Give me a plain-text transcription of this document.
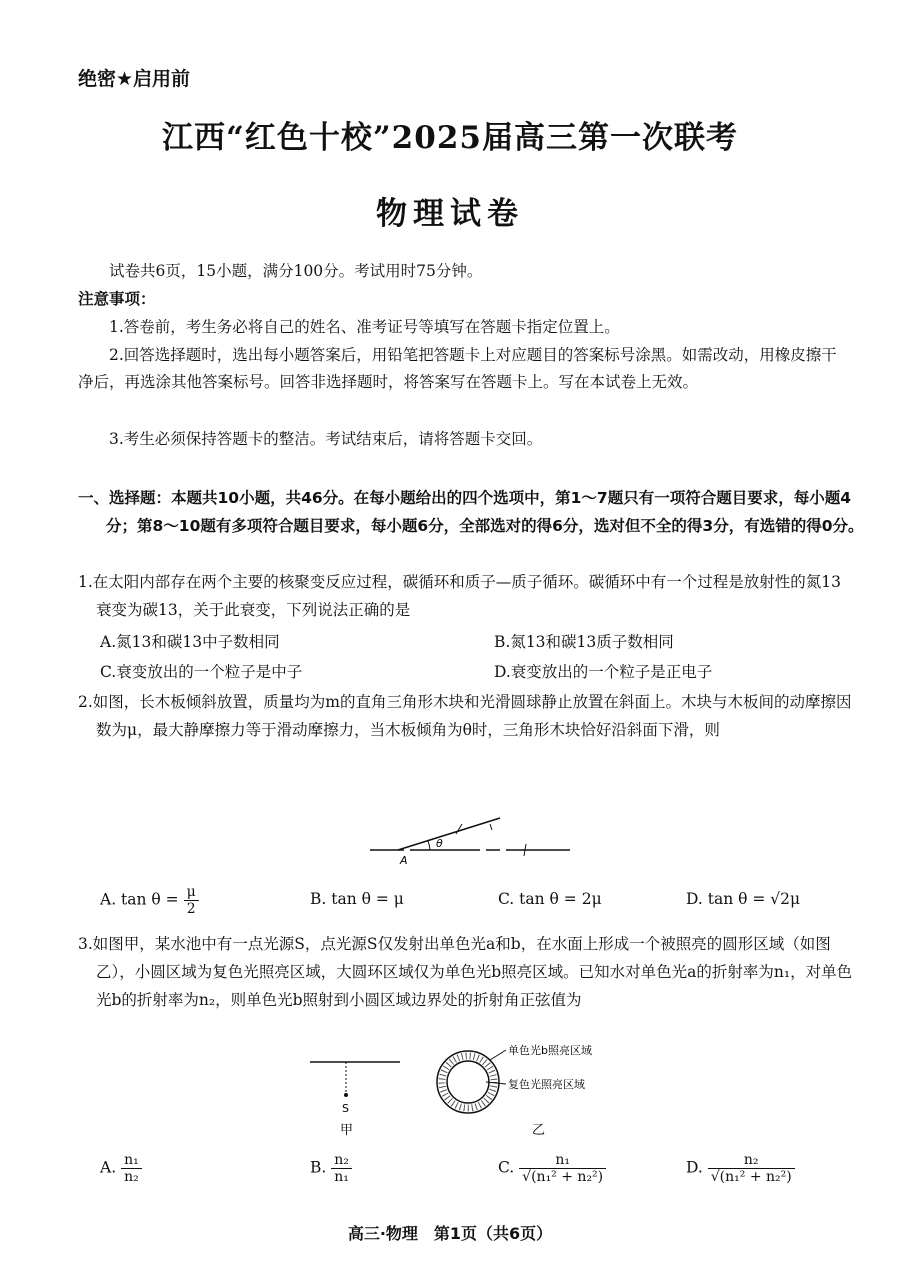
绝密★启用前
江西“红色十校”2025届高三第一次联考
物理试卷
试卷共6页，15小题，满分100分。考试用时75分钟。
注意事项：
1.答卷前，考生务必将自己的姓名、准考证号等填写在答题卡指定位置上。
2.回答选择题时，选出每小题答案后，用铅笔把答题卡上对应题目的答案标号涂黑。如需改动，用橡皮擦干净后，再选涂其他答案标号。回答非选择题时，将答案写在答题卡上。写在本试卷上无效。
3.考生必须保持答题卡的整洁。考试结束后，请将答题卡交回。
一、选择题：本题共10小题，共46分。在每小题给出的四个选项中，第1～7题只有一项符合题目要求，每小题4分；第8～10题有多项符合题目要求，每小题6分，全部选对的得6分，选对但不全的得3分，有选错的得0分。
1.在太阳内部存在两个主要的核聚变反应过程，碳循环和质子—质子循环。碳循环中有一个过程是放射性的氮13衰变为碳13，关于此衰变，下列说法正确的是
A.氮13和碳13中子数相同	B.氮13和碳13质子数相同
C.衰变放出的一个粒子是中子	D.衰变放出的一个粒子是正电子
2.如图，长木板倾斜放置，质量均为m的直角三角形木块和光滑圆球静止放置在斜面上。木块与木板间的动摩擦因数为μ，最大静摩擦力等于滑动摩擦力，当木板倾角为θ时，三角形木块恰好沿斜面下滑，则
A
θ
A. $\tan \theta = \frac{\mu}{2}$	B. tan θ = μ	C. tan θ = 2μ	D. tan θ = √2μ
3.如图甲，某水池中有一点光源S，点光源S仅发射出单色光a和b，在水面上形成一个被照亮的圆形区域（如图乙），小圆区域为复色光照亮区域，大圆环区域仅为单色光b照亮区域。已知水对单色光a的折射率为n₁，对单色光b的折射率为n₂，则单色光b照射到小圆区域边界处的折射角正弦值为
S
甲	乙
单色光b照亮区域
复色光照亮区域
A. $\frac{\text{n₁}}{\text{n₂}}$	B. $\frac{\text{n₂}}{\text{n₁}}$	C. $\frac{\text{n₁}}{\text{√(n₁² + n₂²)}}$	D. $\frac{\text{n₂}}{\text{√(n₁² + n₂²)}}$
高三·物理　第1页（共6页）
